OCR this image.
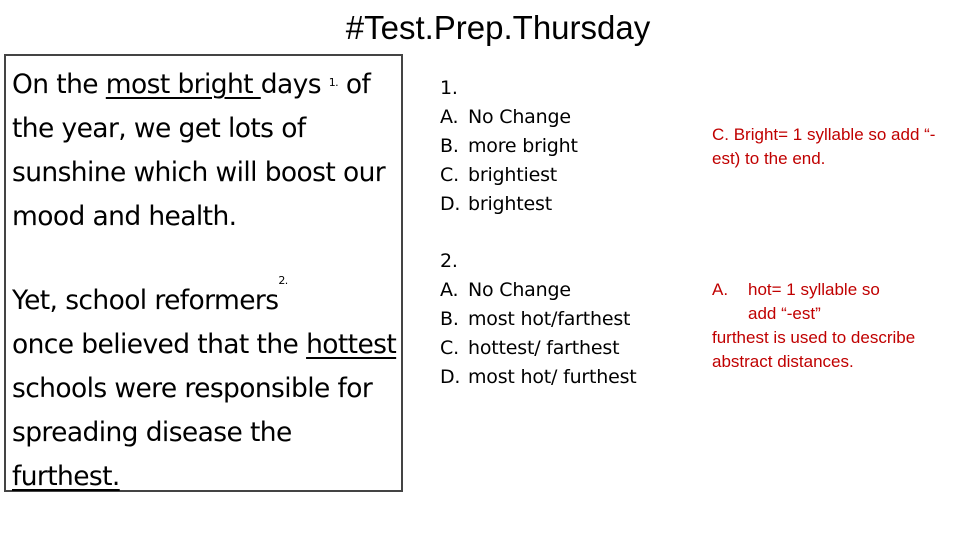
#Test.Prep.Thursday

On the most bright days $^{1.}$ of the year, we get lots of sunshine which will boost our mood and health.

Yet, school reformers$^{2.}$
once believed that the hottest schools were responsible for spreading disease the furthest.

1.
A. No Change
B. more bright
C. brightiest
D. brightest
2.
A. No Change
B. most hot/farthest
C. hottest/ farthest
D. most hot/ furthest
C. Bright= 1 syllable so add “-est) to the end.
A. hot= 1 syllable so
add “-est”
furthest is used to describe abstract distances.
